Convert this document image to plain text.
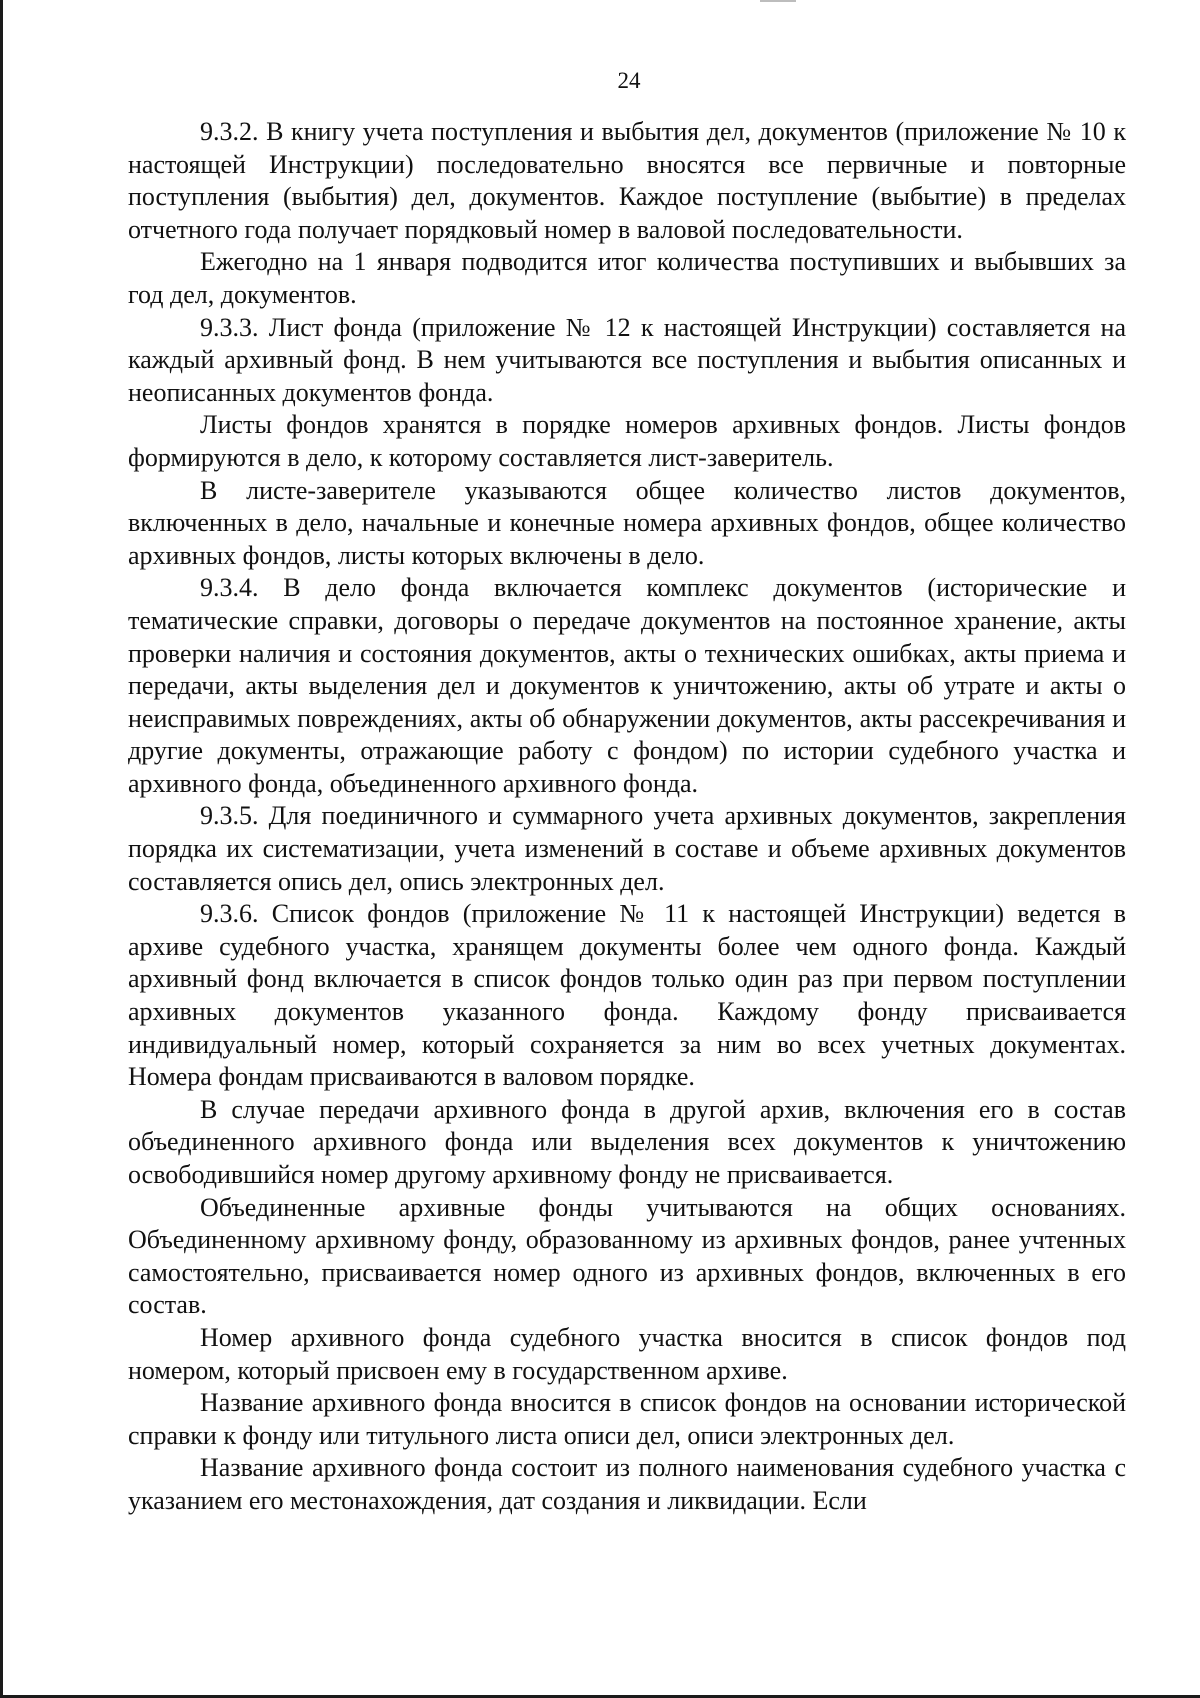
24

9.3.2. В книгу учета поступления и выбытия дел, документов (приложение № 10 к настоящей Инструкции) последовательно вносятся все первичные и повторные поступления (выбытия) дел, документов. Каждое поступление (выбытие) в пределах отчетного года получает порядковый номер в валовой последовательности.

Ежегодно на 1 января подводится итог количества поступивших и выбывших за год дел, документов.

9.3.3. Лист фонда (приложение № 12 к настоящей Инструкции) составляется на каждый архивный фонд. В нем учитываются все поступления и выбытия описанных и неописанных документов фонда.

Листы фондов хранятся в порядке номеров архивных фондов. Листы фондов формируются в дело, к которому составляется лист-заверитель.

В листе-заверителе указываются общее количество листов документов, включенных в дело, начальные и конечные номера архивных фондов, общее количество архивных фондов, листы которых включены в дело.

9.3.4. В дело фонда включается комплекс документов (исторические и тематические справки, договоры о передаче документов на постоянное хранение, акты проверки наличия и состояния документов, акты о технических ошибках, акты приема и передачи, акты выделения дел и документов к уничтожению, акты об утрате и акты о неисправимых повреждениях, акты об обнаружении документов, акты рассекречивания и другие документы, отражающие работу с фондом) по истории судебного участка и архивного фонда, объединенного архивного фонда.

9.3.5. Для поединичного и суммарного учета архивных документов, закрепления порядка их систематизации, учета изменений в составе и объеме архивных документов составляется опись дел, опись электронных дел.

9.3.6. Список фондов (приложение № 11 к настоящей Инструкции) ведется в архиве судебного участка, хранящем документы более чем одного фонда. Каждый архивный фонд включается в список фондов только один раз при первом поступлении архивных документов указанного фонда. Каждому фонду присваивается индивидуальный номер, который сохраняется за ним во всех учетных документах. Номера фондам присваиваются в валовом порядке.

В случае передачи архивного фонда в другой архив, включения его в состав объединенного архивного фонда или выделения всех документов к уничтожению освободившийся номер другому архивному фонду не присваивается.

Объединенные архивные фонды учитываются на общих основаниях. Объединенному архивному фонду, образованному из архивных фондов, ранее учтенных самостоятельно, присваивается номер одного из архивных фондов, включенных в его состав.

Номер архивного фонда судебного участка вносится в список фондов под номером, который присвоен ему в государственном архиве.

Название архивного фонда вносится в список фондов на основании исторической справки к фонду или титульного листа описи дел, описи электронных дел.

Название архивного фонда состоит из полного наименования судебного участка с указанием его местонахождения, дат создания и ликвидации. Если
